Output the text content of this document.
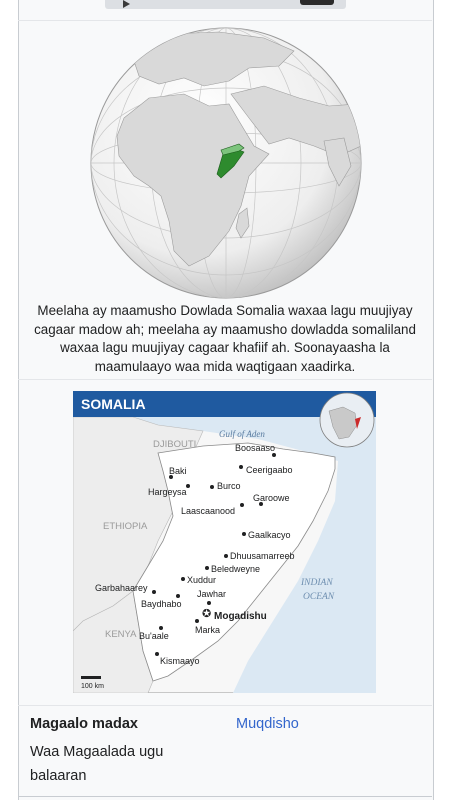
Meelaha ay maamusho Dowlada Somalia waxaa lagu muujiyay cagaar madow ah; meelaha ay maamusho dowladda somaliland waxaa lagu muujiyay cagaar khafiif ah. Soonayaasha la maamulaayo waa mida waqtigaan xaadirka.
SOMALIA
Gulf of Aden
DJIBOUTI
ETHIOPIA
KENYA
INDIAN
OCEAN
Boosaaso
Ceerigaabo
Baki
Burco
Hargeysa
Garoowe
Laascaanood
Gaalkacyo
Dhuusamarreeb
Beledweyne
Garbahaarey
Xuddur
Jawhar
Baydhabo
✪ Mogadishu
Marka
Bu'aale
Kismaayo
100 km
Magaalo madax
Waa Magaalada ugu balaaran
Muqdisho
